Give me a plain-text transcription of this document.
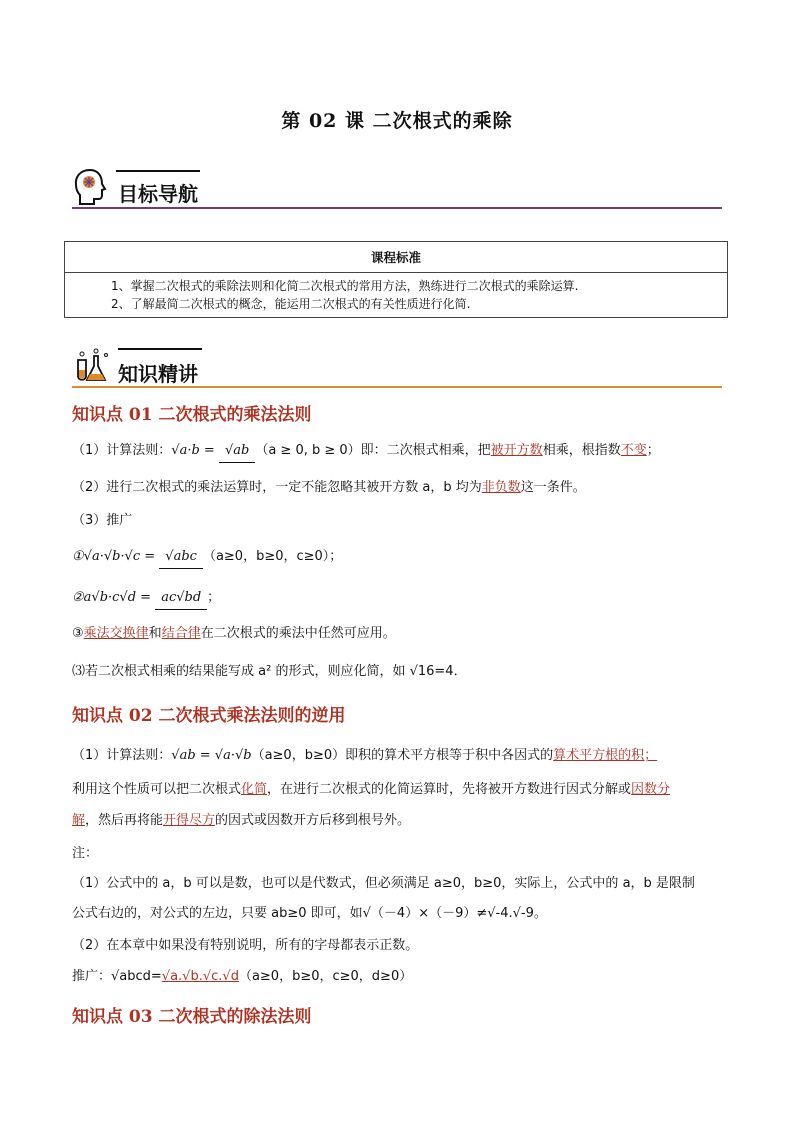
第 02 课 二次根式的乘除
目标导航
课程标准

1、掌握二次根式的乘除法则和化简二次根式的常用方法，熟练进行二次根式的乘除运算.
2、了解最简二次根式的概念，能运用二次根式的有关性质进行化简.
知识精讲
知识点 01 二次根式的乘法法则
（1）计算法则：√a·b = √ab （a ≥ 0, b ≥ 0）即：二次根式相乘，把被开方数相乘，根指数不变；
（2）进行二次根式的乘法运算时，一定不能忽略其被开方数 a，b 均为非负数这一条件。
（3）推广
①√a·√b·√c = √abc （a≥0，b≥0，c≥0）；
②a√b·c√d = ac√bd ；
③乘法交换律和结合律在二次根式的乘法中任然可应用。
⑶若二次根式相乘的结果能写成 a² 的形式，则应化简，如 √16=4．
知识点 02 二次根式乘法法则的逆用
（1）计算法则：√ab = √a·√b（a≥0，b≥0）即积的算术平方根等于积中各因式的算术平方根的积；
利用这个性质可以把二次根式化简，在进行二次根式的化简运算时，先将被开方数进行因式分解或因数分
解，然后再将能开得尽方的因式或因数开方后移到根号外。
注：
（1）公式中的 a，b 可以是数，也可以是代数式，但必须满足 a≥0，b≥0，实际上，公式中的 a，b 是限制
公式右边的，对公式的左边，只要 ab≥0 即可，如√（－4）×（－9）≠√-4.√-9。
（2）在本章中如果没有特别说明，所有的字母都表示正数。
推广：√abcd=√a.√b.√c.√d（a≥0，b≥0，c≥0，d≥0）
知识点 03 二次根式的除法法则
